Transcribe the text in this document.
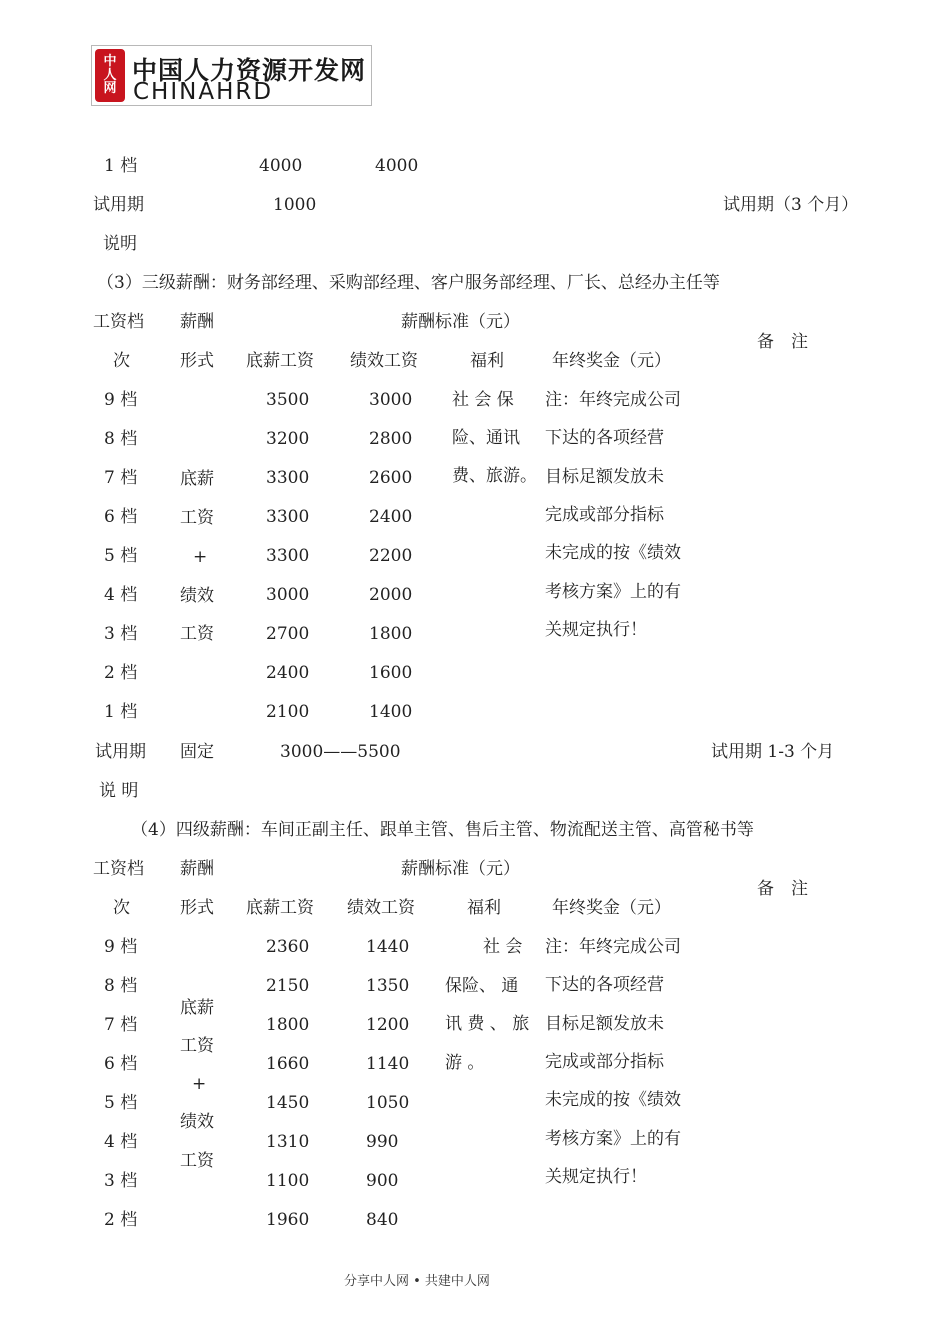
中
人
网
中国人力资源开发网
CHINAHRD
1 档	4000	4000
试用期	1000	试用期（3 个月）
说明
（3）三级薪酬：财务部经理、采购部经理、客户服务部经理、厂长、总经办主任等
工资档
次
薪酬
形式
薪酬标准（元）
底薪工资 绩效工资	福利	年终奖金（元）
备　注
9 档	3500	3000
8 档	3200	2800
7 档	3300	2600
6 档	3300	2400
5 档	3300	2200
4 档	3000	2000
3 档	2700	1800
2 档	2400	1600
1 档	2100	1400
底薪
工资
+
绩效
工资
社 会 保
险、通讯
费、旅游。
注：年终完成公司
下达的各项经营
目标足额发放未
完成或部分指标
未完成的按《绩效
考核方案》上的有
关规定执行！
试用期 固定	3000——5500	试用期 1-3 个月
说 明
（4）四级薪酬：车间正副主任、跟单主管、售后主管、物流配送主管、高管秘书等
工资档
次
薪酬
形式
薪酬标准（元）
底薪工资 绩效工资	福利	年终奖金（元）
备　注
9 档	2360	1440
8 档	2150	1350
7 档	1800	1200
6 档	1660	1140
5 档	1450	1050
4 档	1310	990
3 档	1100	900
2 档	1960	840
底薪
工资
+
绩效
工资
社 会
保险、 通
讯 费 、 旅
游 。
注：年终完成公司
下达的各项经营
目标足额发放未
完成或部分指标
未完成的按《绩效
考核方案》上的有
关规定执行！
分享中人网 • 共建中人网
